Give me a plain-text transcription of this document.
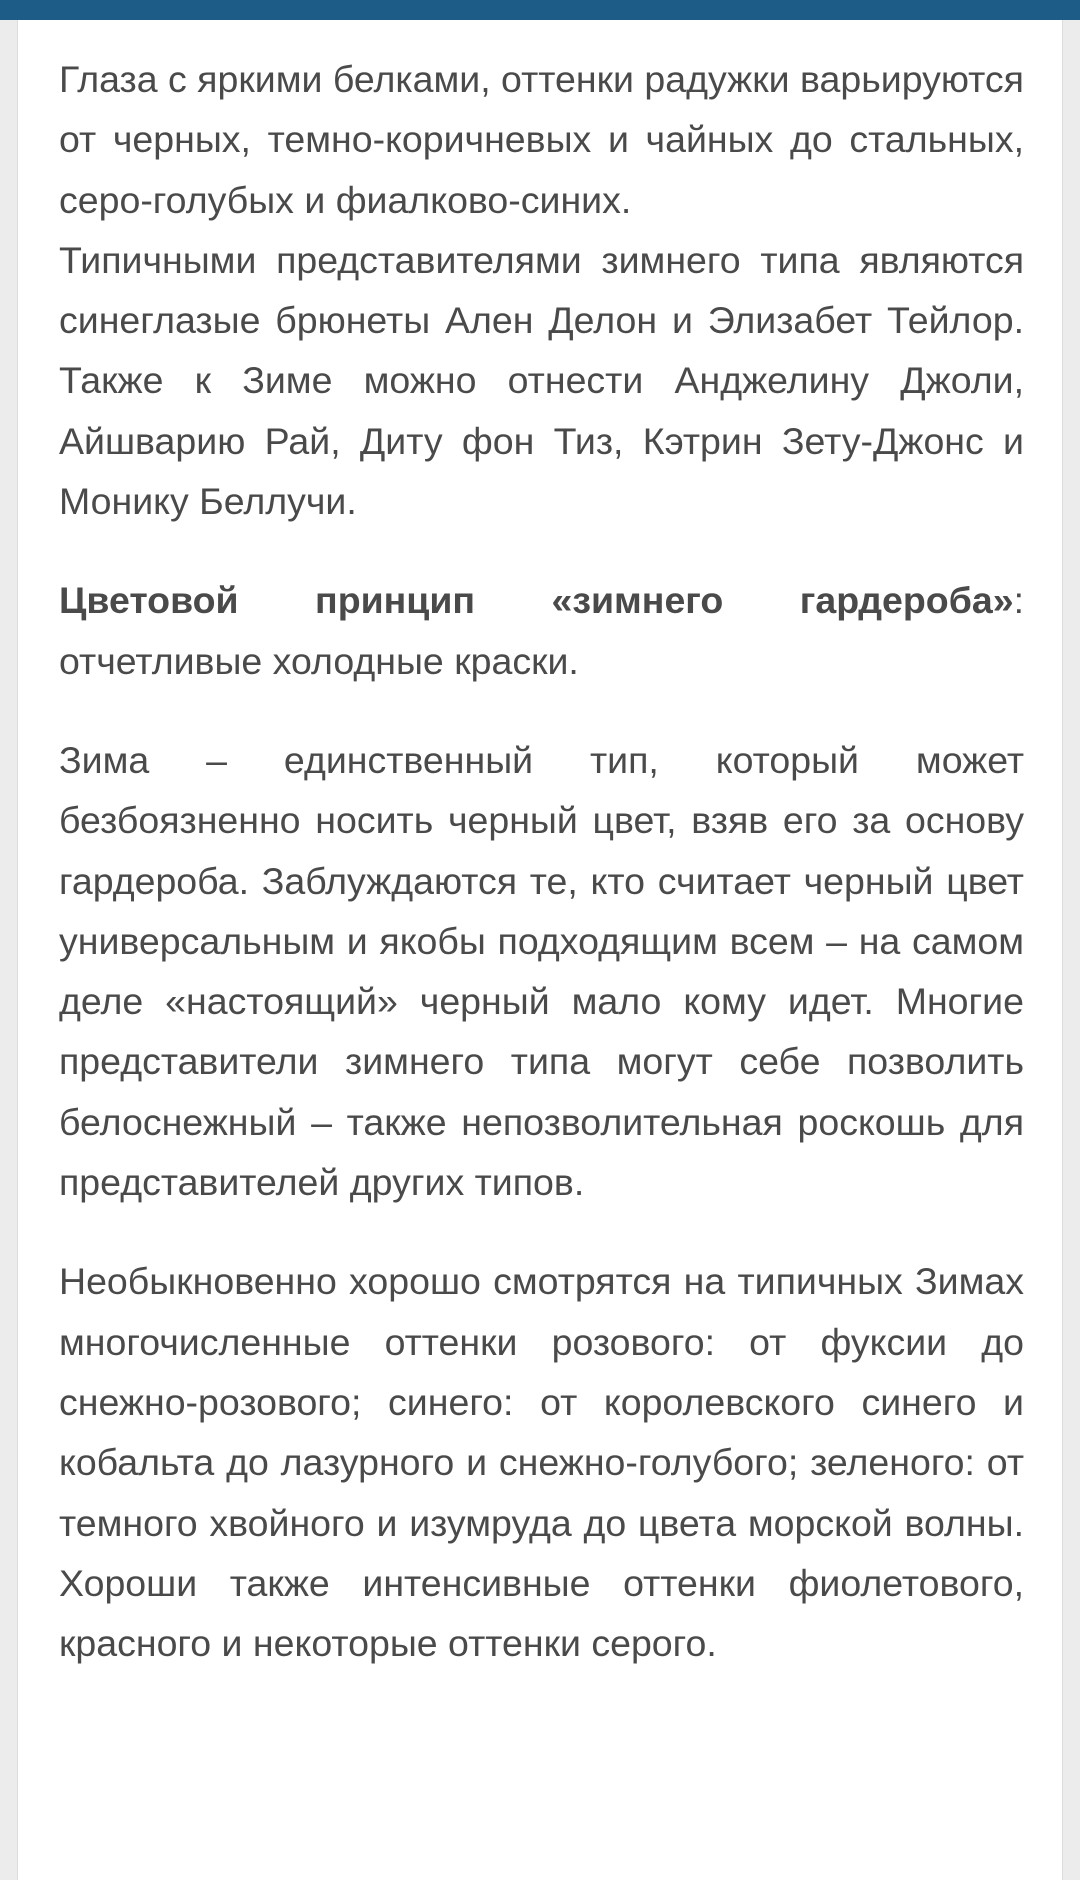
Глаза с яркими белками, оттенки радужки варьируются от черных, темно-коричневых и чайных до стальных, серо-голубых и фиалково-синих.

Типичными представителями зимнего типа являются синеглазые брюнеты Ален Делон и Элизабет Тейлор. Также к Зиме можно отнести Анджелину Джоли, Айшварию Рай, Диту фон Тиз, Кэтрин Зету-Джонс и Монику Беллучи.

Цветовой принцип «зимнего гардероба»: отчетливые холодные краски.

Зима – единственный тип, который может безбоязненно носить черный цвет, взяв его за основу гардероба. Заблуждаются те, кто считает черный цвет универсальным и якобы подходящим всем – на самом деле «настоящий» черный мало кому идет. Многие представители зимнего типа могут себе позволить белоснежный – также непозволительная роскошь для представителей других типов.

Необыкновенно хорошо смотрятся на типичных Зимах многочисленные оттенки розового: от фуксии до снежно-розового; синего: от королевского синего и кобальта до лазурного и снежно-голубого; зеленого: от темного хвойного и изумруда до цвета морской волны. Хороши также интенсивные оттенки фиолетового, красного и некоторые оттенки серого.
